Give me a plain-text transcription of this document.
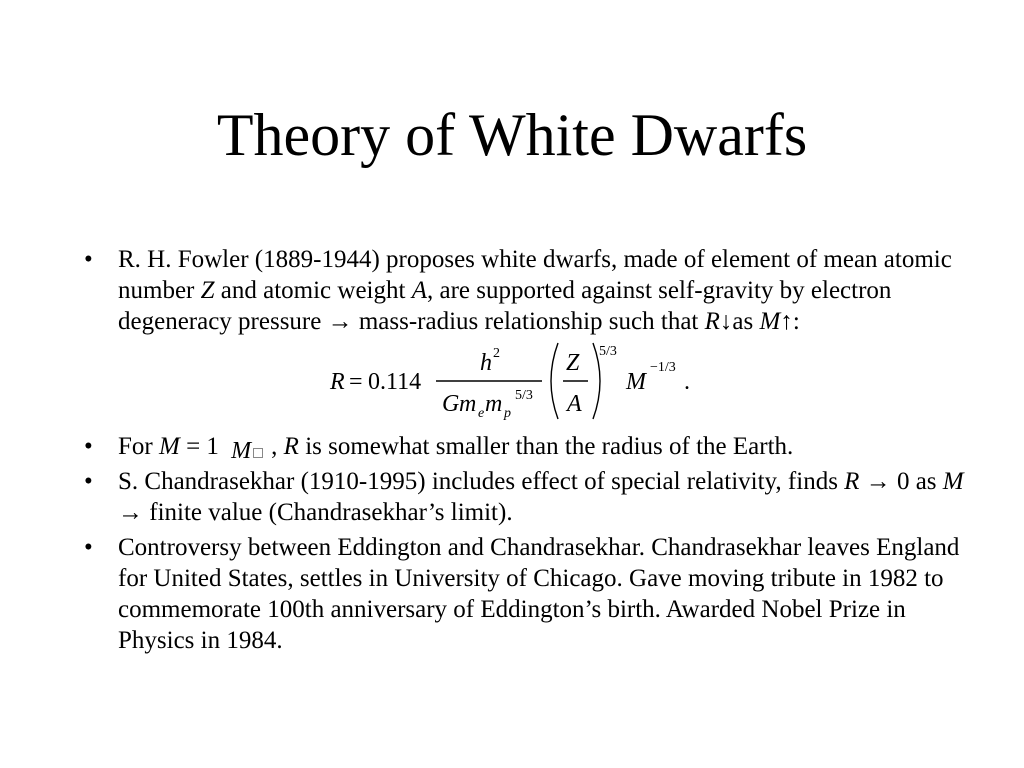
Theory of White Dwarfs
• R. H. Fowler (1889-1944) proposes white dwarfs, made of element of mean atomic number Z and atomic weight A, are supported against self-gravity by electron degeneracy pressure → mass-radius relationship such that R↓as M↑:
R = 0.114
h 2
G m e m p
5/3
Z
A
5/3
M
−1/3
.
• For M = 1 M , R is somewhat smaller than the radius of the Earth.
• S. Chandrasekhar (1910-1995) includes effect of special relativity, finds R → 0 as M → finite value (Chandrasekhar’s limit).
• Controversy between Eddington and Chandrasekhar. Chandrasekhar leaves England for United States, settles in University of Chicago. Gave moving tribute in 1982 to commemorate 100th anniversary of Eddington’s birth. Awarded Nobel Prize in Physics in 1984.
